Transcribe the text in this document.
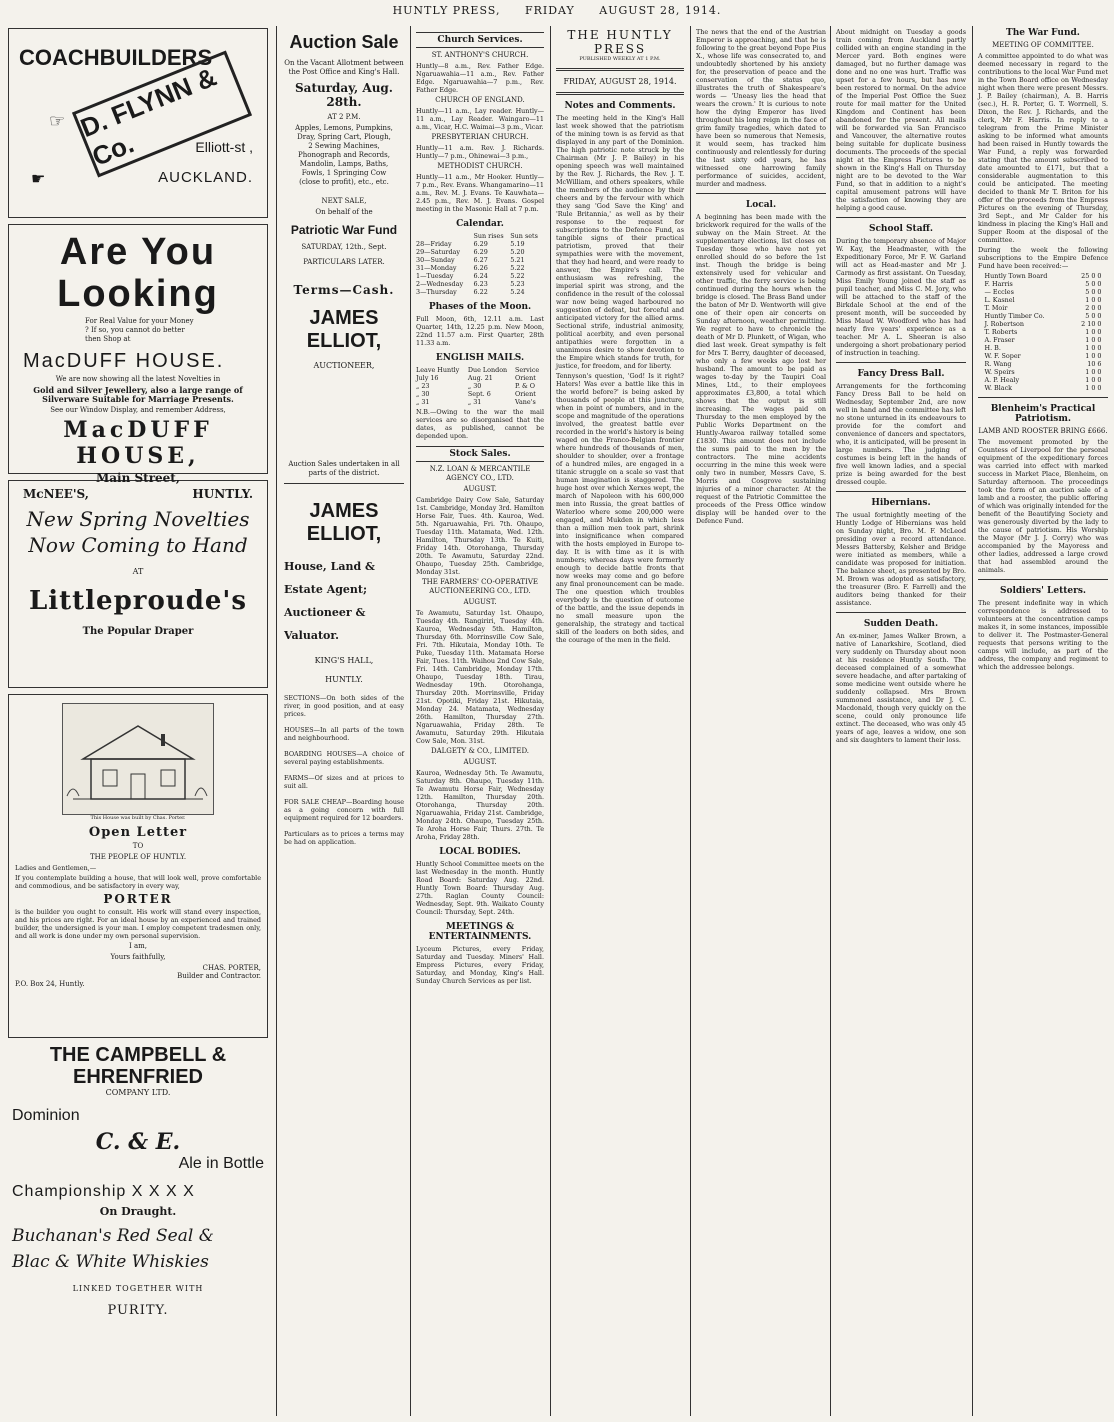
HUNTLY PRESS, FRIDAY AUGUST 28, 1914.
COACHBUILDERS
D. FLYNN & Co.
☞
Elliott-st ,
☛	AUCKLAND.
Are You Looking
For Real Value for your Money ? If so, you cannot do better then Shop at
MacDUFF HOUSE.
We are now showing all the latest Novelties in
Gold and Silver Jewellery, also a large range of Silverware Suitable for Marriage Presents.
See our Window Display, and remember Address,
MacDUFF HOUSE,
Main Street,
McNEE'S,	HUNTLY.
New Spring Novelties
Now Coming to Hand
AT
Littleproude's
The Popular Draper
This House was built by Chas. Porter.
Open Letter
TO
THE PEOPLE OF HUNTLY.
Ladies and Gentlemen,—
If you contemplate building a house, that will look well, prove comfortable and commodious, and be satisfactory in every way,
PORTER
is the builder you ought to consult. His work will stand every inspection, and his prices are right. For an ideal house by an experienced and trained builder, the undersigned is your man. I employ competent tradesmen only, and all work is done under my own personal supervision.
I am,
Yours faithfully,
CHAS. PORTER,
Builder and Contractor.
P.O. Box 24, Huntly.
THE CAMPBELL & EHRENFRIED
COMPANY LTD.
Dominion
C. & E.
Ale in Bottle
Championship X X X X
On Draught.
Buchanan's Red Seal &
Blac & White Whiskies
LINKED TOGETHER WITH
PURITY.
Auction Sale
On the Vacant Allotment between the Post Office and King's Hall.
Saturday, Aug. 28th.
AT 2 P.M.
Apples, Lemons, Pumpkins, Dray, Spring Cart, Plough, 2 Sewing Machines, Phonograph and Records, Mandolin, Lamps, Baths, Fowls, 1 Springing Cow (close to profit), etc., etc.
NEXT SALE,
On behalf of the
Patriotic War Fund
SATURDAY, 12th., Sept.
PARTICULARS LATER.
Terms—Cash.
JAMES ELLIOT,
AUCTIONEER,
Auction Sales undertaken in all parts of the district.
JAMES ELLIOT,
House, Land &
Estate Agent;
Auctioneer &
Valuator.
KING'S HALL,
HUNTLY.
SECTIONS—On both sides of the river, in good position, and at easy prices.
HOUSES—In all parts of the town and neighbourhood.
BOARDING HOUSES—A choice of several paying establishments.
FARMS—Of sizes and at prices to suit all.
FOR SALE CHEAP—Boarding house as a going concern with full equipment required for 12 boarders.
Particulars as to prices a terms may be had on application.
Church Services.
ST. ANTHONY'S CHURCH.
Huntly—8 a.m., Rev. Father Edge. Ngaruawahia—11 a.m., Rev. Father Edge. Ngaruawahia—7 p.m., Rev. Father Edge.
CHURCH OF ENGLAND.
Huntly—11 a.m., Lay reader. Huntly—11 a.m., Lay Reader. Waingaro—11 a.m., Vicar, H.C. Waimai—3 p.m., Vicar.
PRESBYTERIAN CHURCH.
Huntly—11 a.m. Rev. J. Richards. Huntly—7 p.m., Ohinewai—3 p.m.,
METHODIST CHURCH.
Huntly—11 a.m., Mr Hooker. Huntly— 7 p.m., Rev. Evans. Whangamarino—11 a.m., Rev. M. J. Evans. Te Kauwhata—2.45 p.m., Rev. M. J. Evans. Gospel meeting in the Masonic Hall at 7 p.m.
Calendar.
	Sun rises	Sun sets
28—Friday	6.29	5.19
29—Saturday	6.29	5.20
30—Sunday	6.27	5.21
31—Monday	6.26	5.22
1—Tuesday	6.24	5.22
2—Wednesday	6.23	5.23
3—Thursday	6.22	5.24
Phases of the Moon.
Full Moon, 6th, 12.11 a.m. Last Quarter, 14th, 12.25 p.m. New Moon, 22nd 11.57 a.m. First Quarter, 28th 11.33 a.m.
ENGLISH MAILS.
Leave Huntly	Due London	Service
July 16	Aug. 21	Orient
„ 23	„ 30	P. & O
„ 30	Sept. 6	Orient
„ 31	„ 31	Vane's
N.B.—Owing to the war the mail services are so disorganised that the dates, as published, cannot be depended upon.
Stock Sales.
N.Z. LOAN & MERCANTILE AGENCY CO., LTD.
AUGUST.
Cambridge Dairy Cow Sale, Saturday 1st. Cambridge, Monday 3rd. Hamilton Horse Fair, Tues. 4th. Kauroa, Wed. 5th. Ngaruawahia, Fri. 7th. Ohaupo, Tuesday 11th. Matamata, Wed. 12th. Hamilton, Thursday 13th. Te Kuiti, Friday 14th. Otorohanga, Thursday 20th. Te Awamutu, Saturday 22nd. Ohaupo, Tuesday 25th. Cambridge, Monday 31st.
THE FARMERS' CO-OPERATIVE AUCTIONEERING CO., LTD.
AUGUST.
Te Awamutu, Saturday 1st. Ohaupo, Tuesday 4th. Rangiriri, Tuesday 4th. Kauroa, Wednesday 5th. Hamilton, Thursday 6th. Morrinsville Cow Sale, Fri. 7th. Hikutaia, Monday 10th. Te Puke, Tuesday 11th. Matamata Horse Fair, Tues. 11th. Waihou 2nd Cow Sale, Fri. 14th. Cambridge, Monday 17th. Ohaupo, Tuesday 18th. Tirau, Wednesday 19th. Otorohanga, Thursday 20th. Morrinsville, Friday 21st. Opotiki, Friday 21st. Hikutaia, Monday 24. Matamata, Wednesday 26th. Hamilton, Thursday 27th. Ngaruawahia, Friday 28th. Te Awamutu, Saturday 29th. Hikutaia Cow Sale, Mon. 31st.
DALGETY & CO., LIMITED.
AUGUST.
Kauroa, Wednesday 5th. Te Awamutu, Saturday 8th. Ohaupo, Tuesday 11th. Te Awamutu Horse Fair, Wednesday 12th. Hamilton, Thursday 20th. Otorohanga, Thursday 20th. Ngaruawahia, Friday 21st. Cambridge, Monday 24th. Ohaupo, Tuesday 25th. Te Aroha Horse Fair, Thurs. 27th. Te Aroha, Friday 28th.
LOCAL BODIES.
Huntly School Committee meets on the last Wednesday in the month. Huntly Road Board: Saturday Aug. 22nd. Huntly Town Board: Thursday Aug. 27th. Raglan County Council: Wednesday, Sept. 9th. Waikato County Council: Thursday, Sept. 24th.
MEETINGS & ENTERTAINMENTS.
Lyceum Pictures, every Friday, Saturday and Tuesday. Miners' Hall. Empress Pictures, every Friday, Saturday, and Monday, King's Hall. Sunday Church Services as per list.
THE HUNTLY PRESS
PUBLISHED WEEKLY AT 1 P.M.
FRIDAY, AUGUST 28, 1914.
Notes and Comments.
The meeting held in the King's Hall last week showed that the patriotism of the mining town is as fervid as that displayed in any part of the Dominion. The high patriotic note struck by the Chairman (Mr J. P. Bailey) in his opening speech was well maintained by the Rev. J. Richards, the Rev. J. T. McWilliam, and others speakers, while the members of the audience by their cheers and by the fervour with which they sang 'God Save the King' and 'Rule Britannia,' as well as by their response to the request for subscriptions to the Defence Fund, as tangible signs of their practical patriotism, proved that their sympathies were with the movement, that they had heard, and were ready to answer, the Empire's call. The enthusiasm was refreshing, the imperial spirit was strong, and the confidence in the result of the colossal war now being waged harboured no suggestion of defeat, but forceful and anticipated victory for the allied arms. Sectional strife, industrial animosity, political acerbity, and even personal antipathies were forgotten in a unanimous desire to show devotion to the Empire which stands for truth, for justice, for freedom, and for liberty.
Tennyson's question, 'God! Is it right? Haters! Was ever a battle like this in the world before?' is being asked by thousands of people at this juncture, when in point of numbers, and in the scope and magnitude of the operations involved, the greatest battle ever recorded in the world's history is being waged on the Franco-Belgian frontier where hundreds of thousands of men, shoulder to shoulder, over a frontage of a hundred miles, are engaged in a titanic struggle on a scale so vast that human imagination is staggered. The huge host over which Xerxes wept, the march of Napoleon with his 600,000 men into Russia, the great battles of Waterloo where some 200,000 were engaged, and Mukden in which less than a million men took part, shrink into insignificance when compared with the hosts employed in Europe to-day. It is with time as it is with numbers; whereas days were formerly enough to decide battle fronts that now weeks may come and go before any final pronouncement can be made. The one question which troubles everybody is the question of outcome of the battle, and the issue depends in no small measure upon the generalship, the strategy and tactical skill of the leaders on both sides, and the courage of the men in the field.
The news that the end of the Austrian Emperor is approaching, and that he is following to the great beyond Pope Pius X., whose life was consecrated to, and undoubtedly shortened by his anxiety for, the preservation of peace and the conservation of the status quo, illustrates the truth of Shakespeare's words — 'Uneasy lies the head that wears the crown.' It is curious to note how the dying Emperor has lived throughout his long reign in the face of grim family tragedies, which dated to have been so numerous that Nemesis, it would seem, has tracked him continuously and relentlessly for during the last sixty odd years, he has witnessed one harrowing family performance of suicides, accident, murder and madness.
Local.
A beginning has been made with the brickwork required for the walls of the subway on the Main Street. At the supplementary elections, list closes on Tuesday those who have not yet enrolled should do so before the 1st inst. Though the bridge is being extensively used for vehicular and other traffic, the ferry service is being continued during the hours when the bridge is closed. The Brass Band under the baton of Mr D. Wentworth will give one of their open air concerts on Sunday afternoon, weather permitting. We regret to have to chronicle the death of Mr D. Plunkett, of Wigan, who died last week. Great sympathy is felt for Mrs T. Berry, daughter of deceased, who only a few weeks ago lost her husband. The amount to be paid as wages to-day by the Taupiri Coal Mines, Ltd., to their employees approximates £3,800, a total which shows that the output is still increasing. The wages paid on Thursday to the men employed by the Public Works Department on the Huntly-Awaroa railway totalled some £1830. This amount does not include the sums paid to the men by the contractors. The mine accidents occurring in the mine this week were only two in number, Messrs Cave, S. Morris and Cosgrove sustaining injuries of a minor character. At the request of the Patriotic Committee the proceeds of the Press Office window display will be handed over to the Defence Fund.
About midnight on Tuesday a goods train coming from Auckland partly collided with an engine standing in the Mercer yard. Both engines were damaged, but no further damage was done and no one was hurt. Traffic was upset for a few hours, but has now been restored to normal. On the advice of the Imperial Post Office the Suez route for mail matter for the United Kingdom and Continent has been abandoned for the present. All mails will be forwarded via San Francisco and Vancouver, the alternative routes being suitable for duplicate business documents. The proceeds of the special night at the Empress Pictures to be shown in the King's Hall on Thursday night are to be devoted to the War Fund, so that in addition to a night's capital amusement patrons will have the satisfaction of knowing they are helping a good cause.
School Staff.
During the temporary absence of Major W. Kay, the Headmaster, with the Expeditionary Force, Mr F. W. Garland will act as Head-master and Mr J. Carmody as first assistant. On Tuesday, Miss Emily Young joined the staff as pupil teacher, and Miss C. M. Jory, who will be attached to the staff of the Birkdale School at the end of the present month, will be succeeded by Miss Maud W. Woodford who has had nearly five years' experience as a teacher. Mr A. L. Sheeran is also undergoing a short probationary period of instruction in teaching.
Fancy Dress Ball.
Arrangements for the forthcoming Fancy Dress Ball to be held on Wednesday, September 2nd, are now well in hand and the committee has left no stone unturned in its endeavours to provide for the comfort and convenience of dancers and spectators, who, it is anticipated, will be present in large numbers. The judging of costumes is being left in the hands of five well known ladies, and a special prize is being awarded for the best dressed couple.
Hibernians.
The usual fortnightly meeting of the Huntly Lodge of Hibernians was held on Sunday night, Bro. M. F. McLeod presiding over a record attendance. Messrs Battersby, Kelsher and Bridge were initiated as members, while a candidate was proposed for initiation. The balance sheet, as presented by Bro. M. Brown was adopted as satisfactory, the treasurer (Bro. F. Farrell) and the auditors being thanked for their assistance.
Sudden Death.
An ex-miner, James Walker Brown, a native of Lanarkshire, Scotland, died very suddenly on Thursday about noon at his residence Huntly South. The deceased complained of a somewhat severe headache, and after partaking of some medicine went outside where he suddenly collapsed. Mrs Brown summoned assistance, and Dr J. C. Macdonald, though very quickly on the scene, could only pronounce life extinct. The deceased, who was only 45 years of age, leaves a widow, one son and six daughters to lament their loss.
The War Fund.
MEETING OF COMMITTEE.
A committee appointed to do what was deemed necessary in regard to the contributions to the local War Fund met in the Town Board office on Wednesday night when there were present Messrs. J. P. Bailey (chairman), A. B. Harris (sec.), H. R. Porter, G. T. Worrnell, S. Dixon, the Rev. J. Richards, and the clerk, Mr F. Harris. In reply to a telegram from the Prime Minister asking to be informed what amounts had been raised in Huntly towards the War Fund, a reply was forwarded stating that the amount subscribed to date amounted to £171, but that a considerable augmentation to this could be anticipated. The meeting decided to thank Mr T. Briton for his offer of the proceeds from the Empress Pictures on the evening of Thursday, 3rd Sept., and Mr Calder for his kindness in placing the King's Hall and Supper Room at the disposal of the committee.
During the week the following subscriptions to the Empire Defence Fund have been received:—
Huntly Town Board	25 0 0
F. Harris	5 0 0
— Eccles	5 0 0
L. Kasnel	1 0 0
T. Moir	2 0 0
Huntly Timber Co.	5 0 0
J. Robertson	2 10 0
T. Roberts	1 0 0
A. Fraser	1 0 0
H. B.	1 0 0
W. F. Soper	1 0 0
R. Wang	10 6
W. Speirs	1 0 0
A. P. Healy	1 0 0
W. Black	1 0 0
Blenheim's Practical Patriotism.
LAMB AND ROOSTER BRING £666.
The movement promoted by the Countess of Liverpool for the personal equipment of the expeditionary forces was carried into effect with marked success in Market Place, Blenheim, on Saturday afternoon. The proceedings took the form of an auction sale of a lamb and a rooster, the public offering of which was originally intended for the benefit of the Beautifying Society and was generously diverted by the lady to the cause of patriotism. His Worship the Mayor (Mr J. J. Corry) who was accompanied by the Mayoress and other ladies, addressed a large crowd that had assembled around the animals.
Soldiers' Letters.
The present indefinite way in which correspondence is addressed to volunteers at the concentration camps makes it, in some instances, impossible to deliver it. The Postmaster-General requests that persons writing to the camps will include, as part of the address, the company and regiment to which the addressee belongs.
